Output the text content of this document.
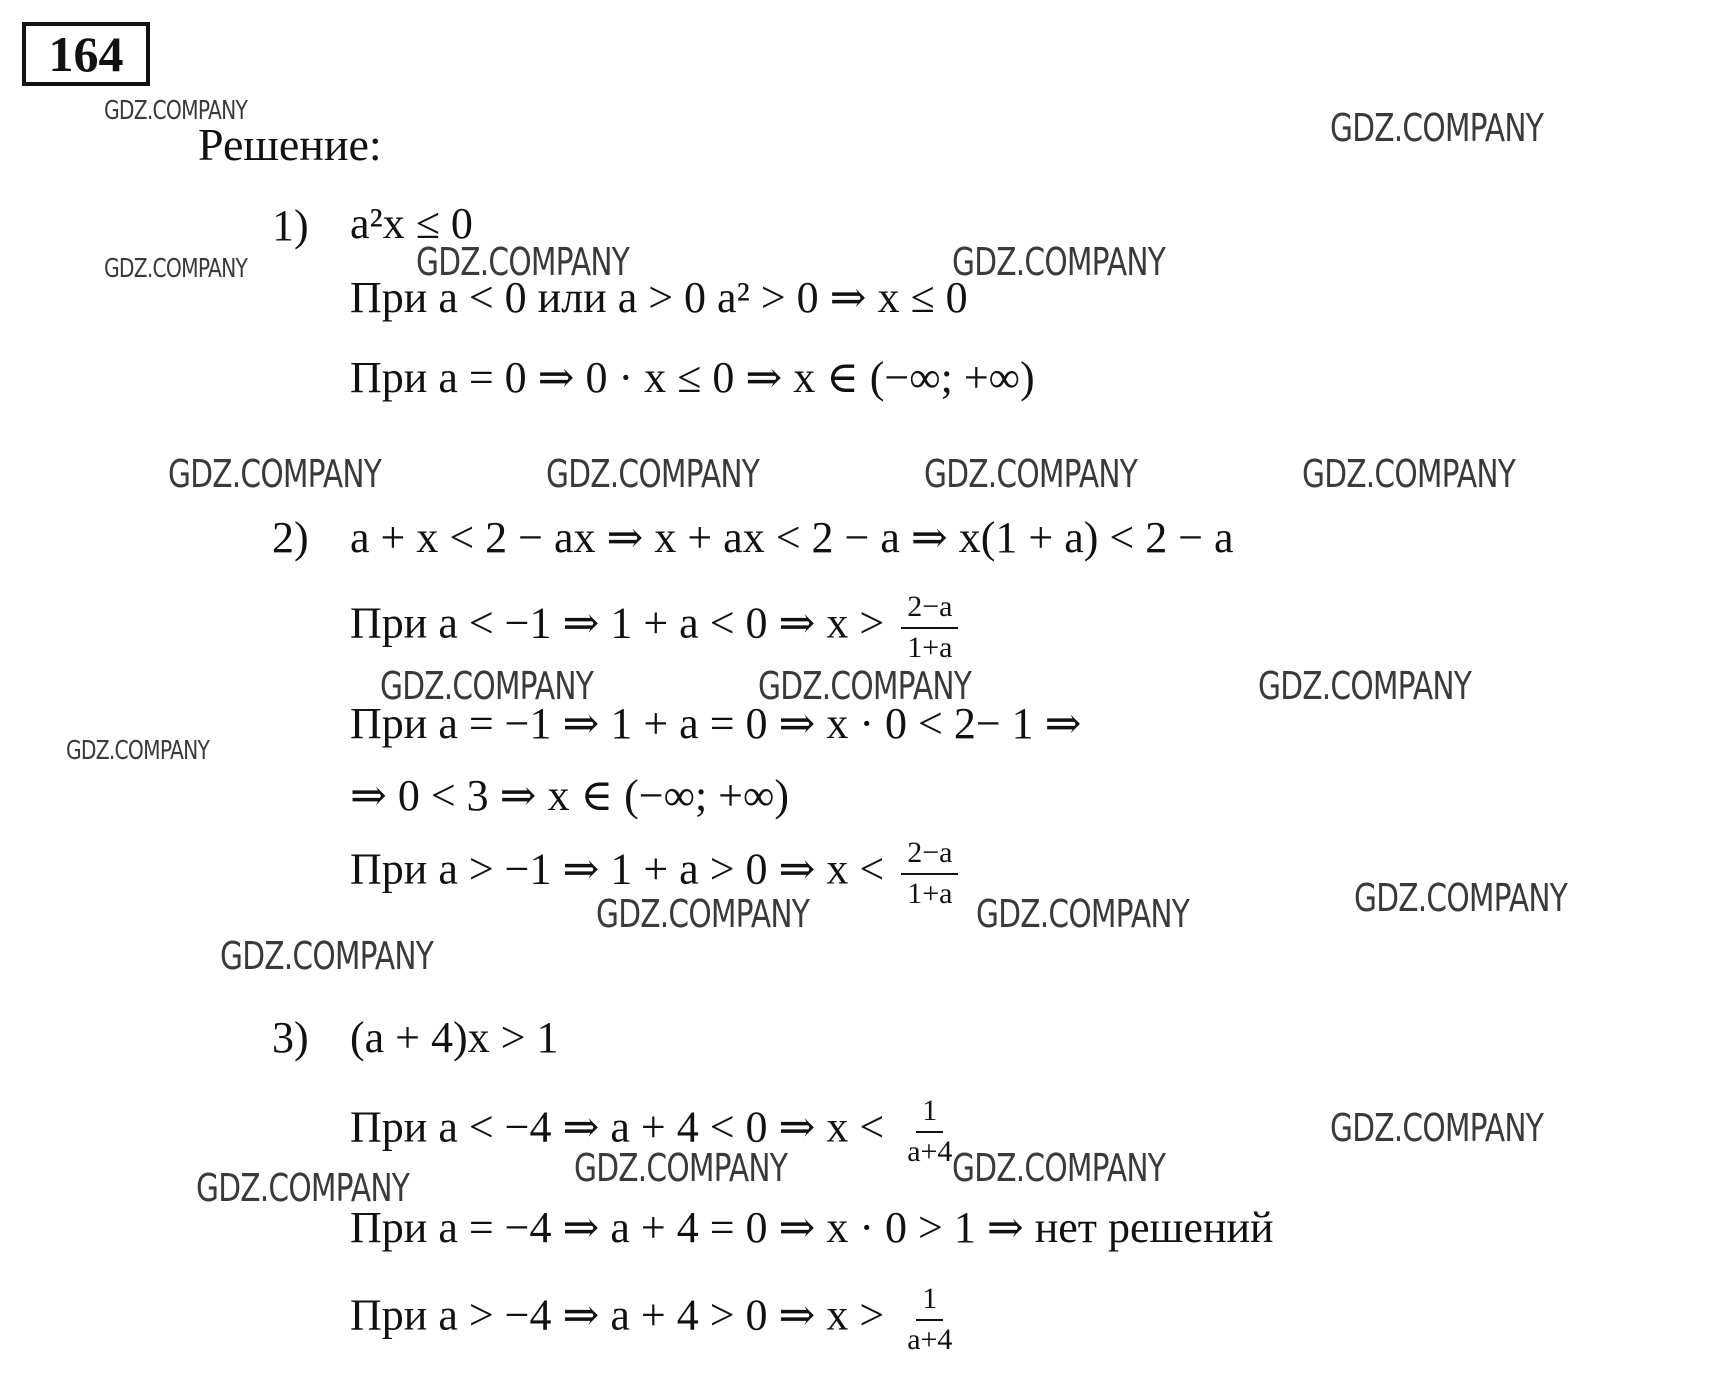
164
Решение:
1) a²x ≤ 0
При a < 0 или a > 0 a² > 0 ⇒ x ≤ 0
При a = 0 ⇒ 0 · x ≤ 0 ⇒ x ∈ (−∞; +∞)
2) a + x < 2 − ax ⇒ x + ax < 2 − a ⇒ x(1 + a) < 2 − a
При a < −1 ⇒ 1 + a < 0 ⇒ $x > \frac{2-a}{1+a}$
При a = −1 ⇒ 1 + a = 0 ⇒ x · 0 < 2− 1 ⇒
⇒ 0 < 3 ⇒ x ∈ (−∞; +∞)
При a > −1 ⇒ 1 + a > 0 ⇒ $x < \frac{2-a}{1+a}$
3) (a + 4)x > 1
При a < −4 ⇒ a + 4 < 0 ⇒ $x < \frac{1}{a+4}$
При a = −4 ⇒ a + 4 = 0 ⇒ x · 0 > 1 ⇒ нет решений
При a > −4 ⇒ a + 4 > 0 ⇒ $x > \frac{1}{a+4}$
GDZ.COMPANY	GDZ.COMPANY
GDZ.COMPANY	GDZ.COMPANY	GDZ.COMPANY
GDZ.COMPANY	GDZ.COMPANY	GDZ.COMPANY	GDZ.COMPANY
GDZ.COMPANY	GDZ.COMPANY	GDZ.COMPANY
GDZ.COMPANY
GDZ.COMPANY
GDZ.COMPANY	GDZ.COMPANY
GDZ.COMPANY
GDZ.COMPANY
GDZ.COMPANY	GDZ.COMPANY
GDZ.COMPANY
